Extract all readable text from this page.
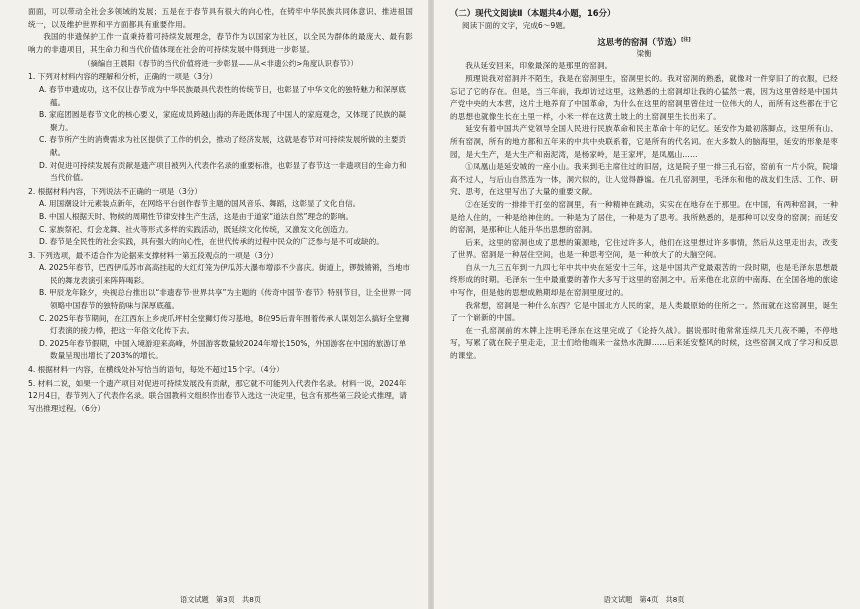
面面，可以带动全社会多领域的发展；五是在于春节具有很大的向心性，在铸牢中华民族共同体意识、推进祖国统一，以及维护世界和平方面都具有重要作用。

我国的非遗保护工作一直秉持着可持续发展理念，春节作为以国家为社区，以全民为群体的最庞大、最有影响力的非遗项目，其生命力和当代价值体现在社会的可持续发展中得到进一步彰显。

（摘编自王晨阳《春节的当代价值将进一步彰显——从<非遗公约>角度认识春节》）

1. 下列对材料内容的理解和分析，正确的一项是（3分）

A. 春节申遗成功，这不仅让春节成为中华民族最具代表性的传统节日，也彰显了中华文化的独特魅力和深厚底蕴。

B. 家庭团圆是春节文化的核心要义，家庭成员跨越山海的奔赴既体现了中国人的家庭观念，又体现了民族的凝聚力。

C. 春节所产生的消费需求为社区提供了工作的机会，推动了经济发展，这就是春节对可持续发展所做的主要贡献。

D. 对促进可持续发展有贡献是遗产项目被列入代表作名录的重要标准，也彰显了春节这一非遗项目的生命力和当代价值。

2. 根据材料内容，下列说法不正确的一项是（3分）

A. 用国潮设计元素装点新年，在网络平台创作春节主题的国风音乐、舞蹈，这彰显了文化自信。

B. 中国人根据天时、物候的周期性节律安排生产生活，这是由于道家“道法自然”理念的影响。

C. 家族祭祀、灯会龙舞、社火等形式多样的实践活动，既延续文化传统，又激发文化创造力。

D. 春节是全民性的社会实践，具有强大的向心性，在世代传承的过程中民众的广泛参与是不可或缺的。

3. 下列选项，最不适合作为论据来支撑材料一第五段观点的一项是（3分）

A. 2025年春节，巴西伊瓜苏市高高挂起的大红灯笼为伊瓜苏大瀑布增添不少喜庆。街道上，锣鼓锵锵，当地市民的舞龙表演引来阵阵喝彩。

B. 甲辰龙年除夕，央视总台推出以“非遗春节·世界共享”为主题的《传奇中国节·春节》特别节目，让全世界一同领略中国春节的独特韵味与深厚底蕴。

C. 2025年春节期间，在江西东上乡虎爪坪村全堂狮灯传习基地，8位95后青年围着传承人谋划怎么搞好全堂狮灯表演的接力棒，把这一年俗文化传下去。

D. 2025年春节假期，中国入境游迎来高峰，外国游客数量较2024年增长150%，外国游客在中国的旅游订单数量呈现出增长了203%的增长。

4. 根据材料一内容，在横线处补写恰当的语句，每处不超过15个字。（4分）

5. 材料二说，如果一个遗产项目对促进可持续发展没有贡献，那它就不可能列入代表作名录。材料一说，2024年12月4日，春节列入了代表作名录。联合国教科文组织作出春节入选这一决定里，包含有那些第三段论式推理，请写出推理过程。（6分）

语文试题　第3页　共8页

（二）现代文阅读Ⅱ（本题共4小题，16分）

阅读下面的文字，完成6～9题。

这思考的窑洞（节选）[注]

梁衡

我从延安回来，印象最深的是那里的窑洞。

照理说我对窑洞并不陌生，我是在窑洞里生，窑洞里长的。我对窑洞的熟悉，就像对一件穿旧了的衣服，已经忘记了它的存在。但是，当三年前，我却访过这里，这熟悉的土窑洞却让我的心猛然一震，因为这里曾经是中国共产党中央的大本营，这片土地养育了中国革命，为什么在这里的窑洞里曾住过一位伟大的人，而所有这些都在于它的思想也就像生长在土里一样，小米一样在这黄土坡上的土窑洞里生长出来了。

延安有着中国共产党领导全国人民进行民族革命和民主革命十年的记忆。延安作为最初落脚点，这里所有山、所有窑洞，所有的地方都和五年来的中共中央联系着，它是所有的代名词。在大多数人的脑海里，延安的形象是枣园，是大生产，是大生产和南泥湾，是杨家岭，是王家坪，是凤凰山……

①凤凰山是延安城的一座小山。我来到毛主席住过的旧居，这是院子里一排三孔石窑，窑前有一片小院，院墙高不过人，与后山自然连为一体，洞穴似的，让人觉得静谧。在几孔窑洞里，毛泽东和他的战友们生活、工作、研究、思考，在这里写出了大量的重要文献。

②在延安的一排排干打垒的窑洞里，有一种精神在跳动，实实在在地存在于那里。在中国，有两种窑洞，一种是给人住的，一种是给神住的。一种是为了居住，一种是为了思考。我所熟悉的，是那种可以安身的窑洞；而延安的窑洞，是那种让人能升华出思想的窑洞。

后来，这里的窑洞也成了思想的策源地，它住过许多人，他们在这里想过许多事情，然后从这里走出去，改变了世界。窑洞是一种居住空间，也是一种思考空间，是一种放大了的大脑空间。

自从一九三五年到一九四七年中共中央在延安十三年，这是中国共产党最艰苦的一段时期，也是毛泽东思想最终形成的时期。毛泽东一生中最重要的著作大多写于这里的窑洞之中。后来他在北京的中南海、在全国各地的旅途中写作，但是他的思想成熟期却是在窑洞里度过的。

我常想，窑洞是一种什么东西？它是中国北方人民的家，是人类最原始的住所之一。然而就在这窑洞里，诞生了一个崭新的中国。

在一孔窑洞前的木牌上注明毛泽东在这里完成了《论持久战》。据说那时他常常连续几天几夜不睡，不停地写，写累了就在院子里走走，卫士们给他端来一盆热水洗脚……后来延安整风的时候，这些窑洞又成了学习和反思的课堂。

语文试题　第4页　共8页
